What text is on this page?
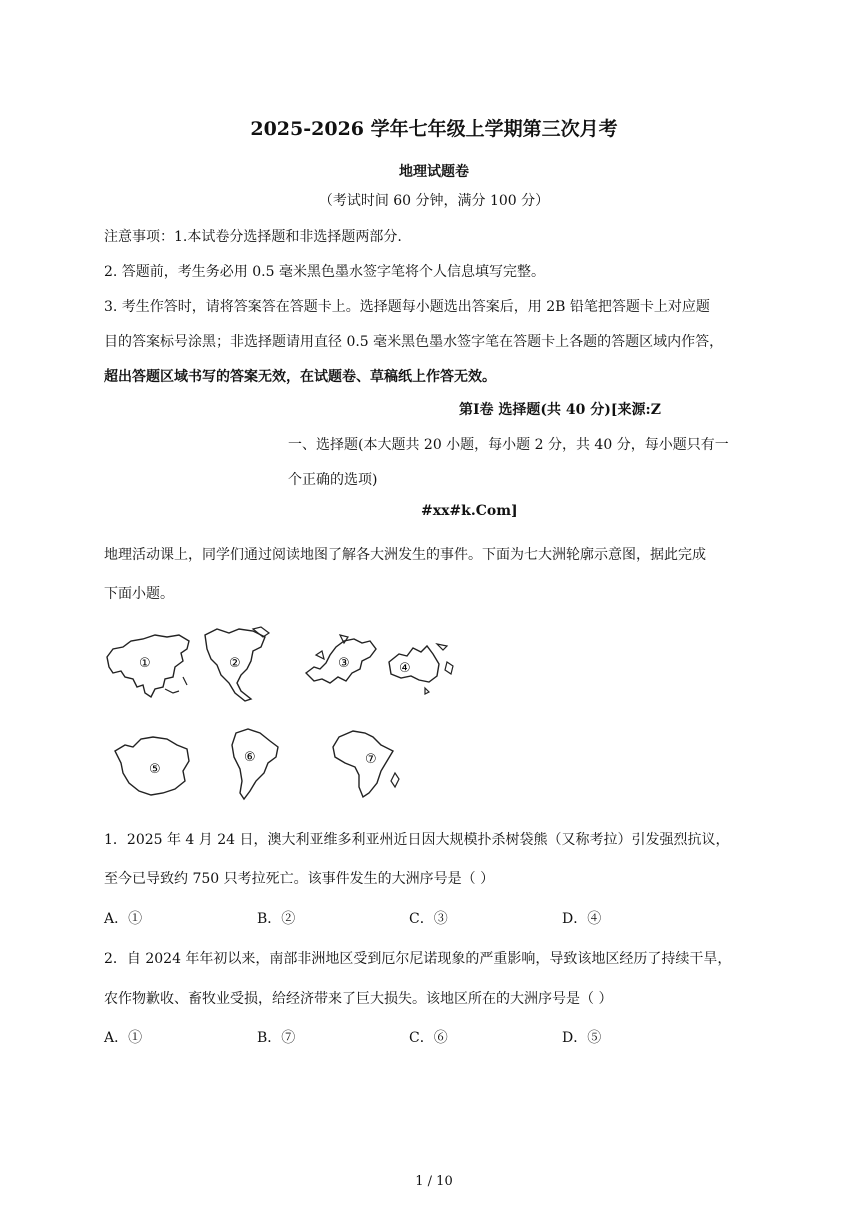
2025-2026 学年七年级上学期第三次月考
地理试题卷
（考试时间 60 分钟，满分 100 分）
注意事项：1.本试卷分选择题和非选择题两部分.
2. 答题前，考生务必用 0.5 毫米黑色墨水签字笔将个人信息填写完整。
3. 考生作答时，请将答案答在答题卡上。选择题每小题选出答案后，用 2B 铅笔把答题卡上对应题
目的答案标号涂黑；非选择题请用直径 0.5 毫米黑色墨水签字笔在答题卡上各题的答题区域内作答，
超出答题区域书写的答案无效，在试题卷、草稿纸上作答无效。
第Ⅰ卷 选择题(共 40 分)[来源:Z
一、选择题(本大题共 20 小题，每小题 2 分，共 40 分，每小题只有一
个正确的选项)
#xx#k.Com]
地理活动课上，同学们通过阅读地图了解各大洲发生的事件。下面为七大洲轮廓示意图，据此完成
下面小题。
①	②	③	④
⑤
⑥	⑦
1．2025 年 4 月 24 日，澳大利亚维多利亚州近日因大规模扑杀树袋熊（又称考拉）引发强烈抗议，
至今已导致约 750 只考拉死亡。该事件发生的大洲序号是（ ）
A．①	B．②	C．③	D．④
2．自 2024 年年初以来，南部非洲地区受到厄尔尼诺现象的严重影响，导致该地区经历了持续干旱，
农作物歉收、畜牧业受损，给经济带来了巨大损失。该地区所在的大洲序号是（ ）
A．①	B．⑦	C．⑥	D．⑤
1 / 10
